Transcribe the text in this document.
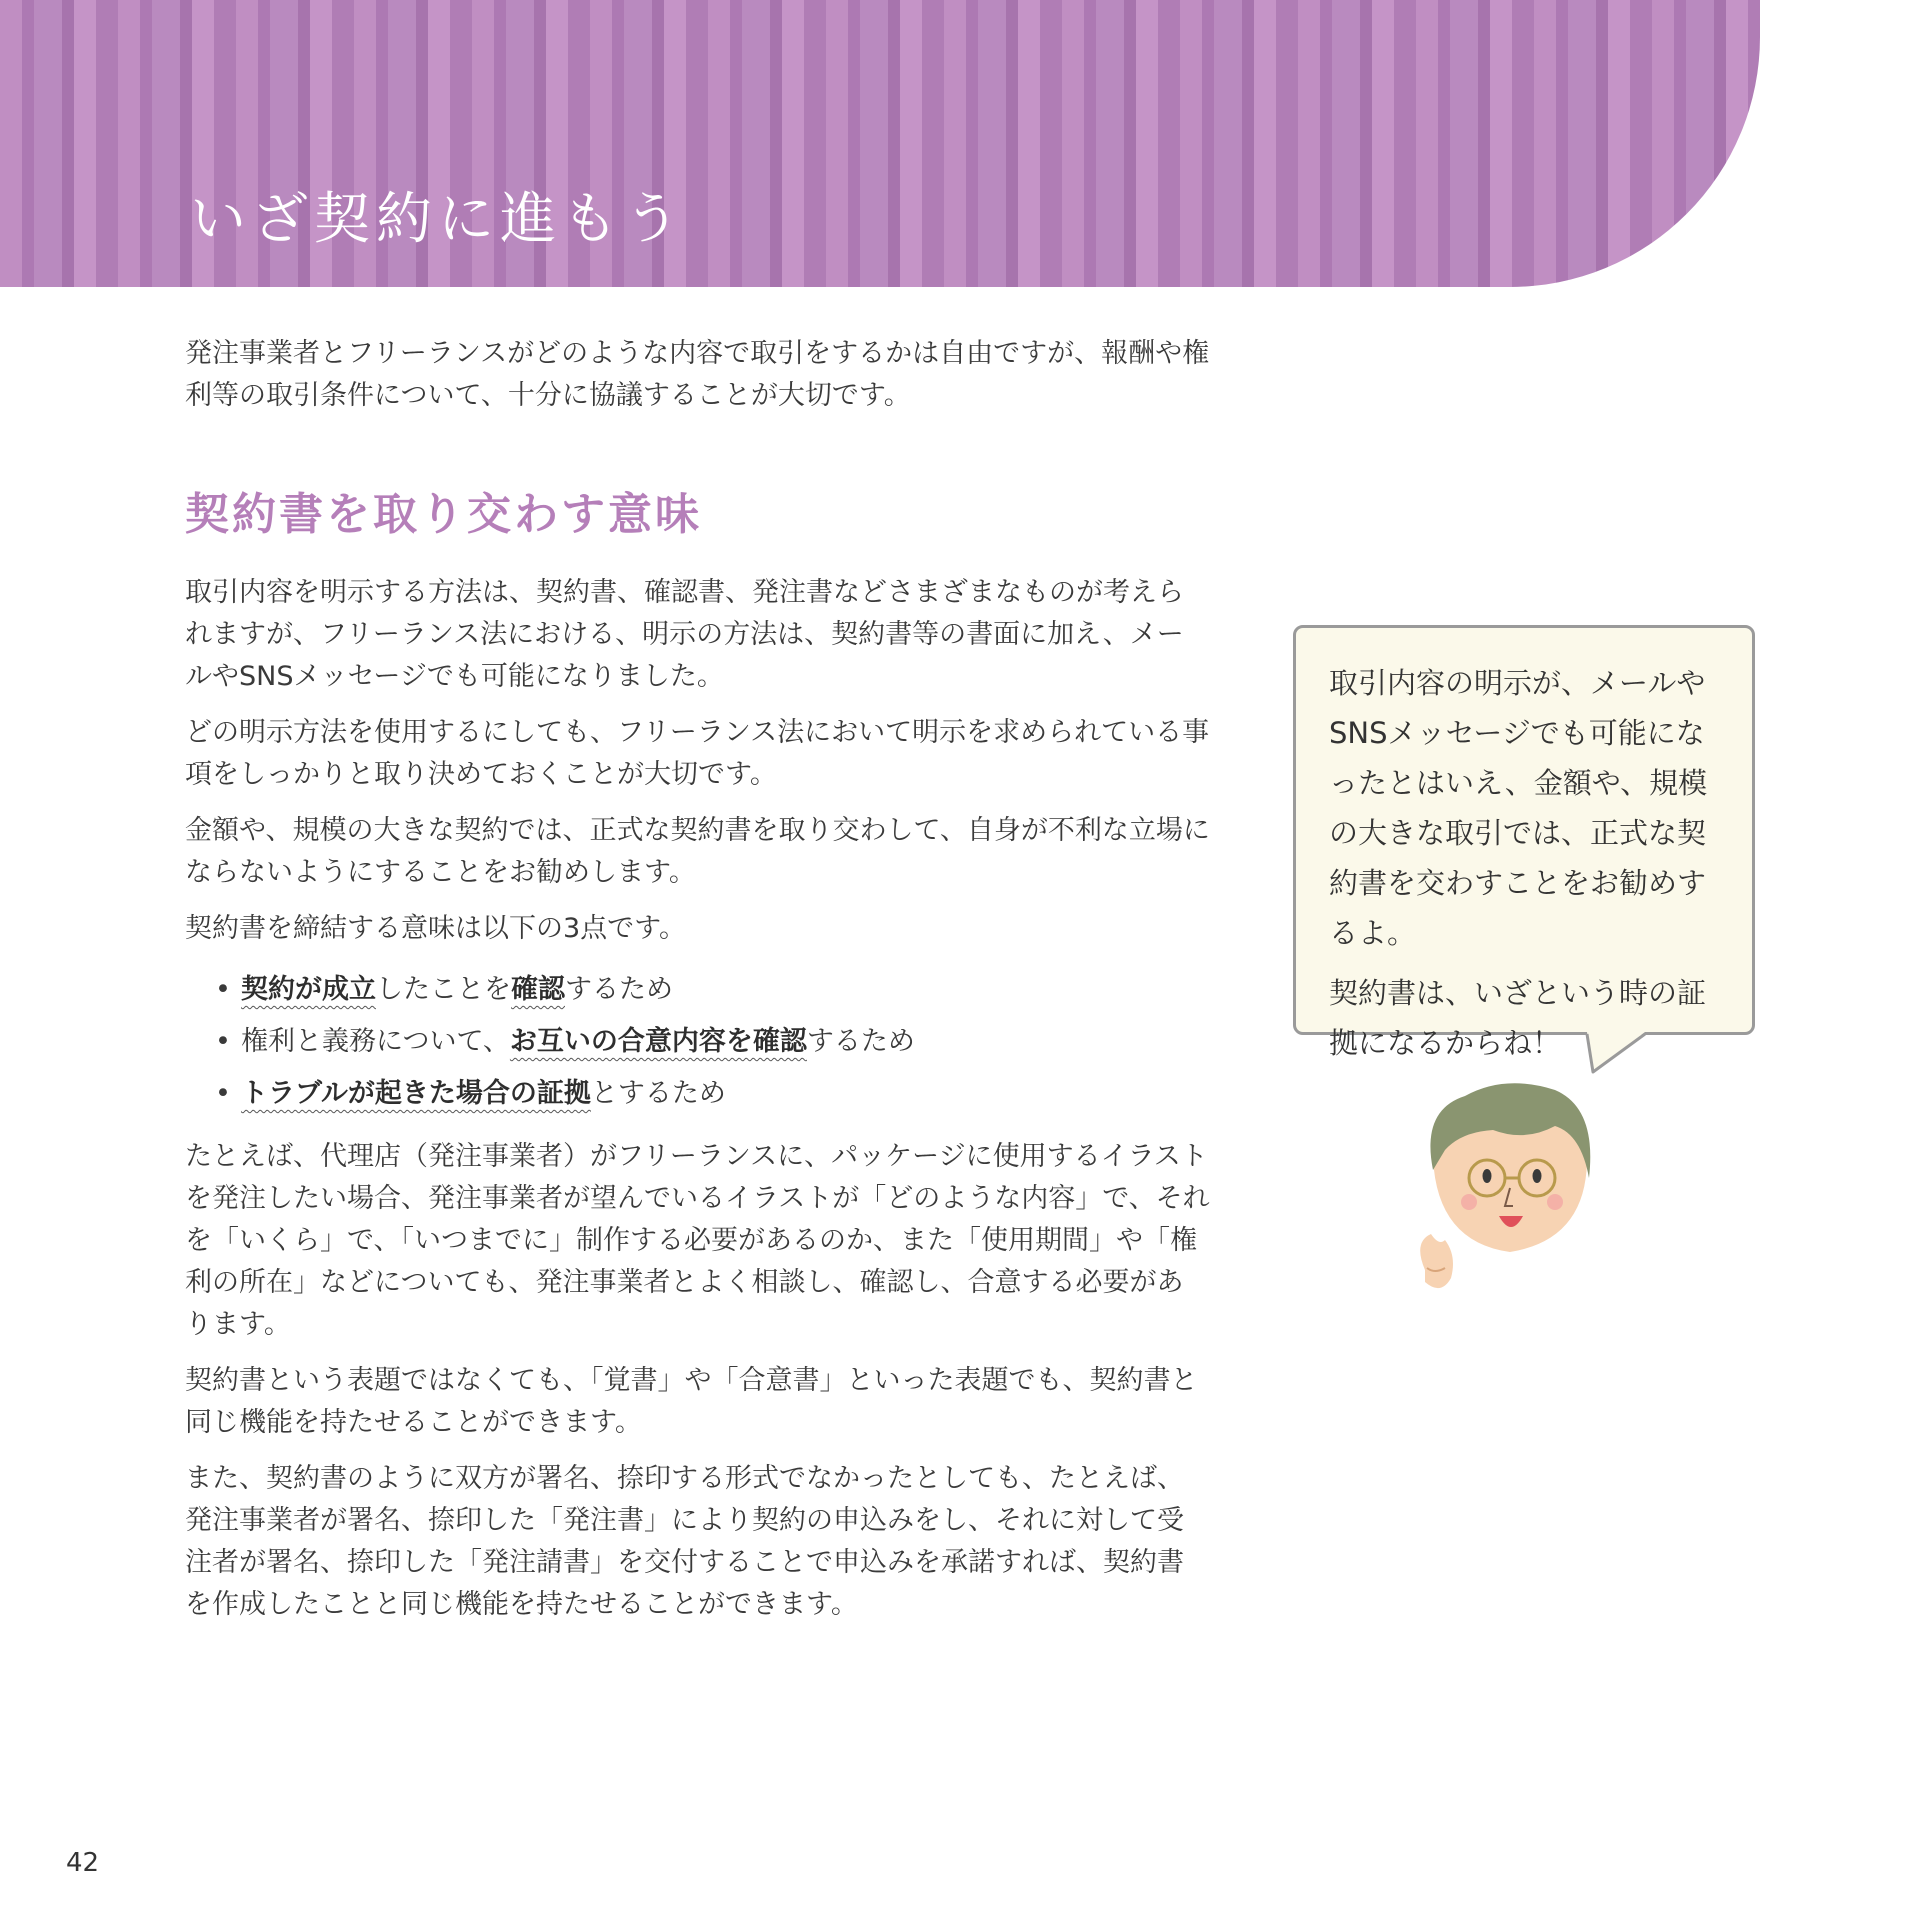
いざ契約に進もう
発注事業者とフリーランスがどのような内容で取引をするかは自由ですが、報酬や権利等の取引条件について、十分に協議することが大切です。
契約書を取り交わす意味

取引内容を明示する方法は、契約書、確認書、発注書などさまざまなものが考えられますが、フリーランス法における、明示の方法は、契約書等の書面に加え、メールやSNSメッセージでも可能になりました。

どの明示方法を使用するにしても、フリーランス法において明示を求められている事項をしっかりと取り決めておくことが大切です。

金額や、規模の大きな契約では、正式な契約書を取り交わして、自身が不利な立場にならないようにすることをお勧めします。

契約書を締結する意味は以下の3点です。

• 契約が成立したことを確認するため
• 権利と義務について、お互いの合意内容を確認するため
• トラブルが起きた場合の証拠とするため

たとえば、代理店（発注事業者）がフリーランスに、パッケージに使用するイラストを発注したい場合、発注事業者が望んでいるイラストが「どのような内容」で、それを「いくら」で、「いつまでに」制作する必要があるのか、また「使用期間」や「権利の所在」などについても、発注事業者とよく相談し、確認し、合意する必要があります。

契約書という表題ではなくても、「覚書」や「合意書」といった表題でも、契約書と同じ機能を持たせることができます。

また、契約書のように双方が署名、捺印する形式でなかったとしても、たとえば、発注事業者が署名、捺印した「発注書」により契約の申込みをし、それに対して受注者が署名、捺印した「発注請書」を交付することで申込みを承諾すれば、契約書を作成したことと同じ機能を持たせることができます。

取引内容の明示が、メールやSNSメッセージでも可能になったとはいえ、金額や、規模の大きな取引では、正式な契約書を交わすことをお勧めするよ。

契約書は、いざという時の証拠になるからね！

42
